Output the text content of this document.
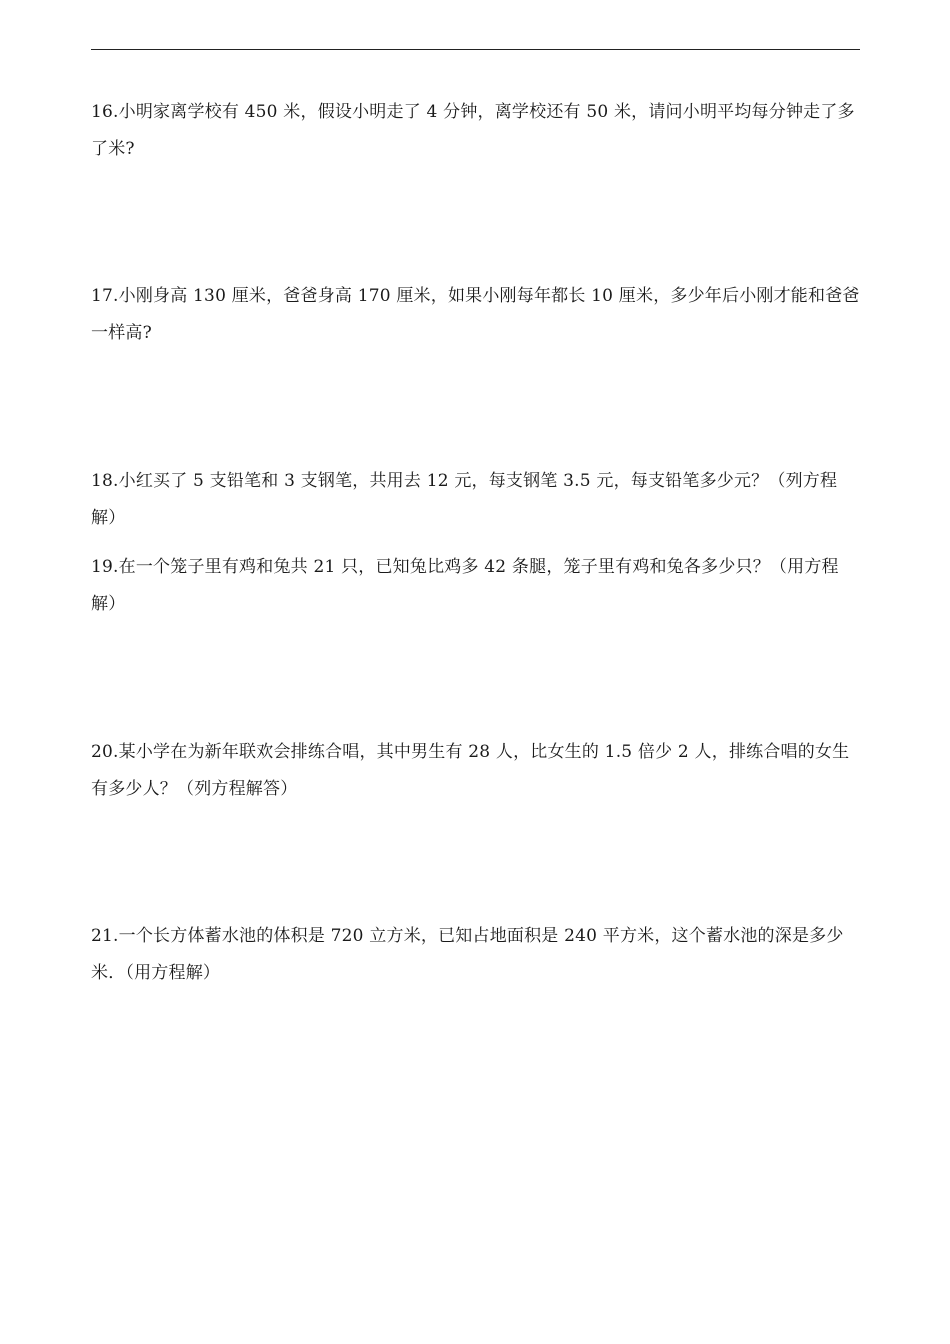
16.小明家离学校有 450 米，假设小明走了 4 分钟，离学校还有 50 米，请问小明平均每分钟走了多了米?

17.小刚身高 130 厘米，爸爸身高 170 厘米，如果小刚每年都长 10 厘米，多少年后小刚才能和爸爸一样高?

18.小红买了 5 支铅笔和 3 支钢笔，共用去 12 元，每支钢笔 3.5 元，每支铅笔多少元？（列方程解）

19.在一个笼子里有鸡和兔共 21 只，已知兔比鸡多 42 条腿，笼子里有鸡和兔各多少只？（用方程解）

20.某小学在为新年联欢会排练合唱，其中男生有 28 人，比女生的 1.5 倍少 2 人，排练合唱的女生有多少人？（列方程解答）

21.一个长方体蓄水池的体积是 720 立方米，已知占地面积是 240 平方米，这个蓄水池的深是多少米．（用方程解）
